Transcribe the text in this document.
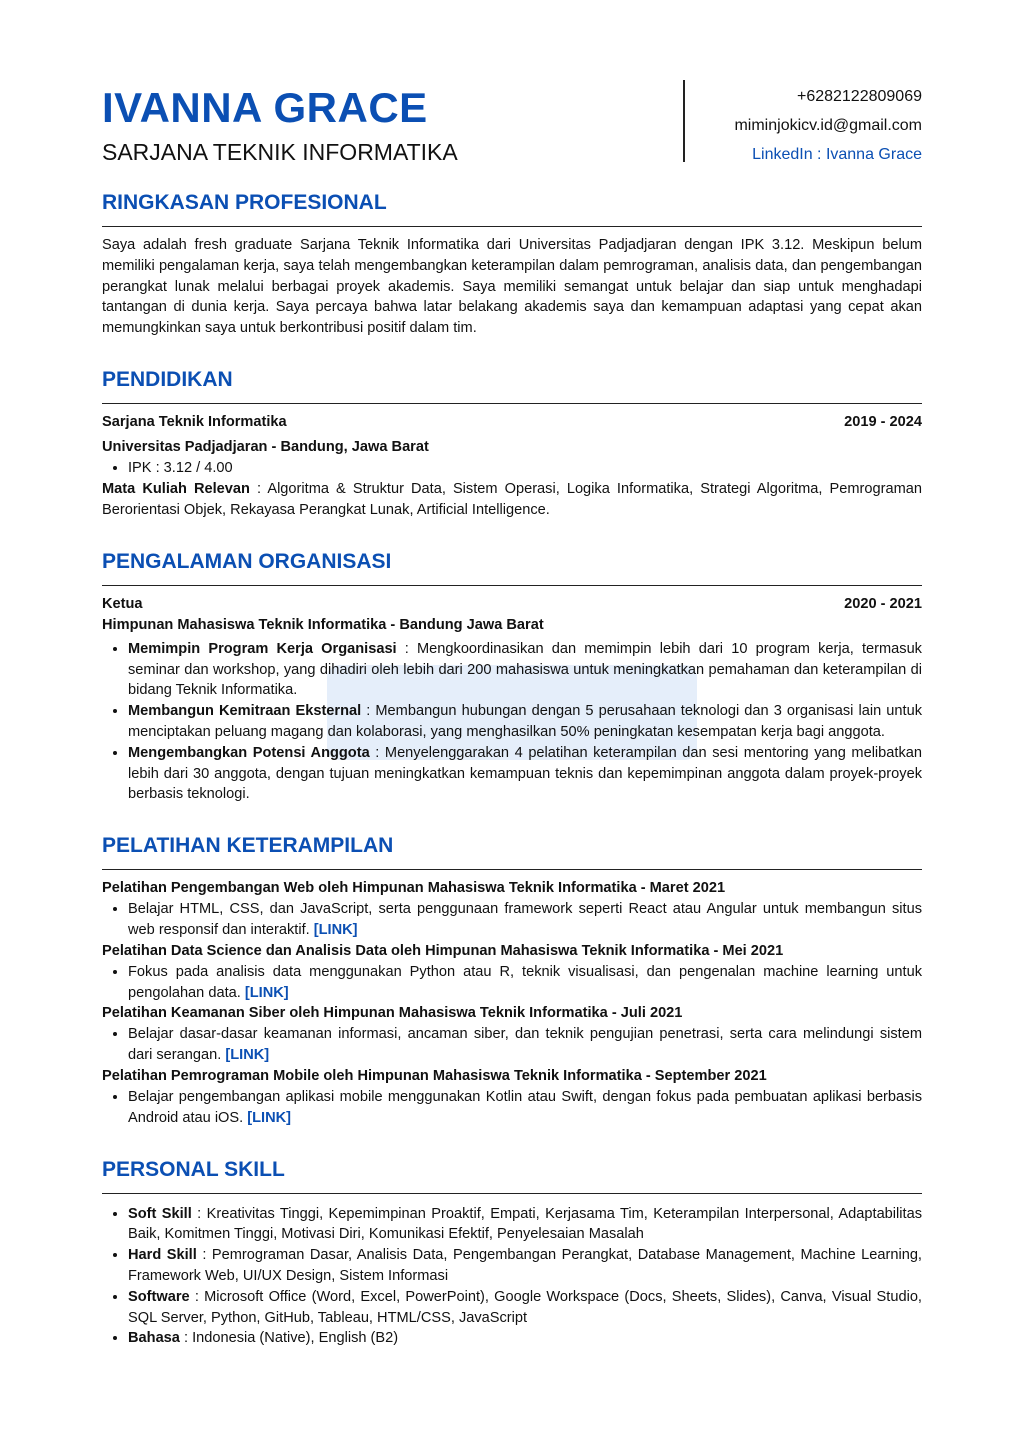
IVANNA GRACE
SARJANA TEKNIK INFORMATIKA
+6282122809069
miminjokicv.id@gmail.com
LinkedIn : Ivanna Grace
RINGKASAN PROFESIONAL

Saya adalah fresh graduate Sarjana Teknik Informatika dari Universitas Padjadjaran dengan IPK 3.12. Meskipun belum memiliki pengalaman kerja, saya telah mengembangkan keterampilan dalam pemrograman, analisis data, dan pengembangan perangkat lunak melalui berbagai proyek akademis. Saya memiliki semangat untuk belajar dan siap untuk menghadapi tantangan di dunia kerja. Saya percaya bahwa latar belakang akademis saya dan kemampuan adaptasi yang cepat akan memungkinkan saya untuk berkontribusi positif dalam tim.

PENDIDIKAN
Sarjana Teknik Informatika	2019 - 2024
Universitas Padjadjaran - Bandung, Jawa Barat
• IPK : 3.12 / 4.00
Mata Kuliah Relevan : Algoritma & Struktur Data, Sistem Operasi, Logika Informatika, Strategi Algoritma, Pemrograman Berorientasi Objek, Rekayasa Perangkat Lunak, Artificial Intelligence.
PENGALAMAN ORGANISASI
Ketua	2020 - 2021
Himpunan Mahasiswa Teknik Informatika - Bandung Jawa Barat
• Memimpin Program Kerja Organisasi : Mengkoordinasikan dan memimpin lebih dari 10 program kerja, termasuk seminar dan workshop, yang dihadiri oleh lebih dari 200 mahasiswa untuk meningkatkan pemahaman dan keterampilan di bidang Teknik Informatika.
• Membangun Kemitraan Eksternal : Membangun hubungan dengan 5 perusahaan teknologi dan 3 organisasi lain untuk menciptakan peluang magang dan kolaborasi, yang menghasilkan 50% peningkatan kesempatan kerja bagi anggota.
• Mengembangkan Potensi Anggota : Menyelenggarakan 4 pelatihan keterampilan dan sesi mentoring yang melibatkan lebih dari 30 anggota, dengan tujuan meningkatkan kemampuan teknis dan kepemimpinan anggota dalam proyek-proyek berbasis teknologi.
PELATIHAN KETERAMPILAN
Pelatihan Pengembangan Web oleh Himpunan Mahasiswa Teknik Informatika - Maret 2021
• Belajar HTML, CSS, dan JavaScript, serta penggunaan framework seperti React atau Angular untuk membangun situs web responsif dan interaktif. [LINK]
Pelatihan Data Science dan Analisis Data oleh Himpunan Mahasiswa Teknik Informatika - Mei 2021
• Fokus pada analisis data menggunakan Python atau R, teknik visualisasi, dan pengenalan machine learning untuk pengolahan data. [LINK]
Pelatihan Keamanan Siber oleh Himpunan Mahasiswa Teknik Informatika - Juli 2021
• Belajar dasar-dasar keamanan informasi, ancaman siber, dan teknik pengujian penetrasi, serta cara melindungi sistem dari serangan. [LINK]
Pelatihan Pemrograman Mobile oleh Himpunan Mahasiswa Teknik Informatika - September 2021
• Belajar pengembangan aplikasi mobile menggunakan Kotlin atau Swift, dengan fokus pada pembuatan aplikasi berbasis Android atau iOS. [LINK]
PERSONAL SKILL
• Soft Skill : Kreativitas Tinggi, Kepemimpinan Proaktif, Empati, Kerjasama Tim, Keterampilan Interpersonal, Adaptabilitas Baik, Komitmen Tinggi, Motivasi Diri, Komunikasi Efektif, Penyelesaian Masalah
• Hard Skill : Pemrograman Dasar, Analisis Data, Pengembangan Perangkat, Database Management, Machine Learning, Framework Web, UI/UX Design, Sistem Informasi
• Software : Microsoft Office (Word, Excel, PowerPoint), Google Workspace (Docs, Sheets, Slides), Canva, Visual Studio, SQL Server, Python, GitHub, Tableau, HTML/CSS, JavaScript
• Bahasa : Indonesia (Native), English (B2)
